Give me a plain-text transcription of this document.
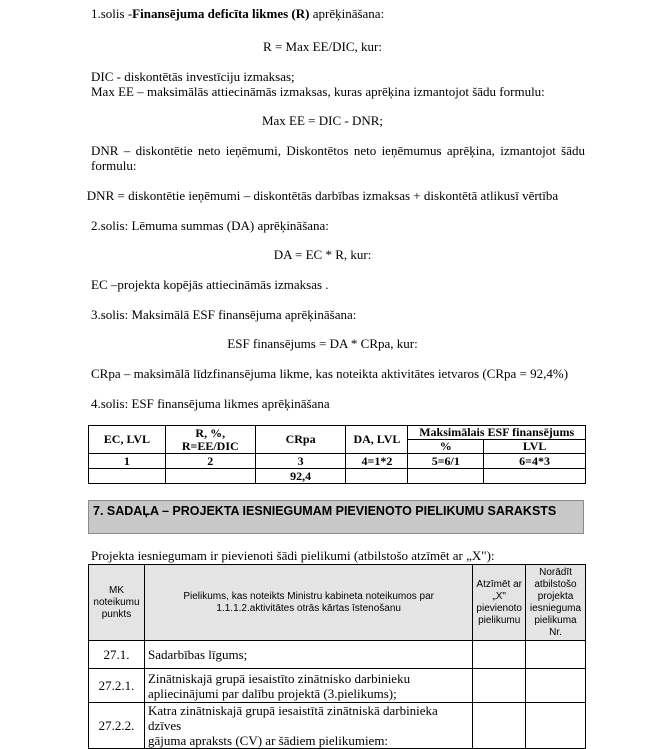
1.solis -Finansējuma deficīta likmes (R) aprēķināšana:
R = Max EE/DIC, kur:
DIC - diskontētās investīciju izmaksas;
Max EE – maksimālās attiecināmās izmaksas, kuras aprēķina izmantojot šādu formulu:
Max EE = DIC - DNR;
DNR – diskontētie neto ieņēmumi, Diskontētos neto ieņēmumus aprēķina, izmantojot šādu
formulu:
DNR = diskontētie ieņēmumi – diskontētās darbības izmaksas + diskontētā atlikusī vērtība
2.solis: Lēmuma summas (DA) aprēķināšana:
DA = EC * R, kur:
EC –projekta kopējās attiecināmās izmaksas .
3.solis: Maksimālā ESF finansējuma aprēķināšana:
ESF finansējums = DA * CRpa, kur:
CRpa – maksimālā līdzfinansējuma likme, kas noteikta aktivitātes ietvaros (CRpa = 92,4%)
4.solis: ESF finansējuma likmes aprēķināšana
EC, LVL	R, %,
R=EE/DIC	CRpa	DA, LVL	Maksimālais ESF finansējums	
				%	LVL
1	2	3	4=1*2	5=6/1	6=4*3
		92,4			
7. SADAĻA – PROJEKTA IESNIEGUMAM PIEVIENOTO PIELIKUMU SARAKSTS
Projekta iesniegumam ir pievienoti šādi pielikumi (atbilstošo atzīmēt ar „X"):
MK noteikumu punkts	Pielikums, kas noteikts Ministru kabineta noteikumos par 1.1.1.2.aktivitātes otrās kārtas īstenošanu	Atzīmēt ar „X" pievienoto pielikumu	Norādīt atbilstošo projekta iesnieguma pielikuma Nr.
27.1.	Sadarbības līgums;		

27.2.1.	Zinātniskajā grupā iesaistīto zinātnisko darbinieku
apliecinājumi par dalību projektā (3.pielikums);		

27.2.2.	Katra zinātniskajā grupā iesaistītā zinātniskā darbinieka dzīves
gājuma apraksts (CV) ar šādiem pielikumiem:		
